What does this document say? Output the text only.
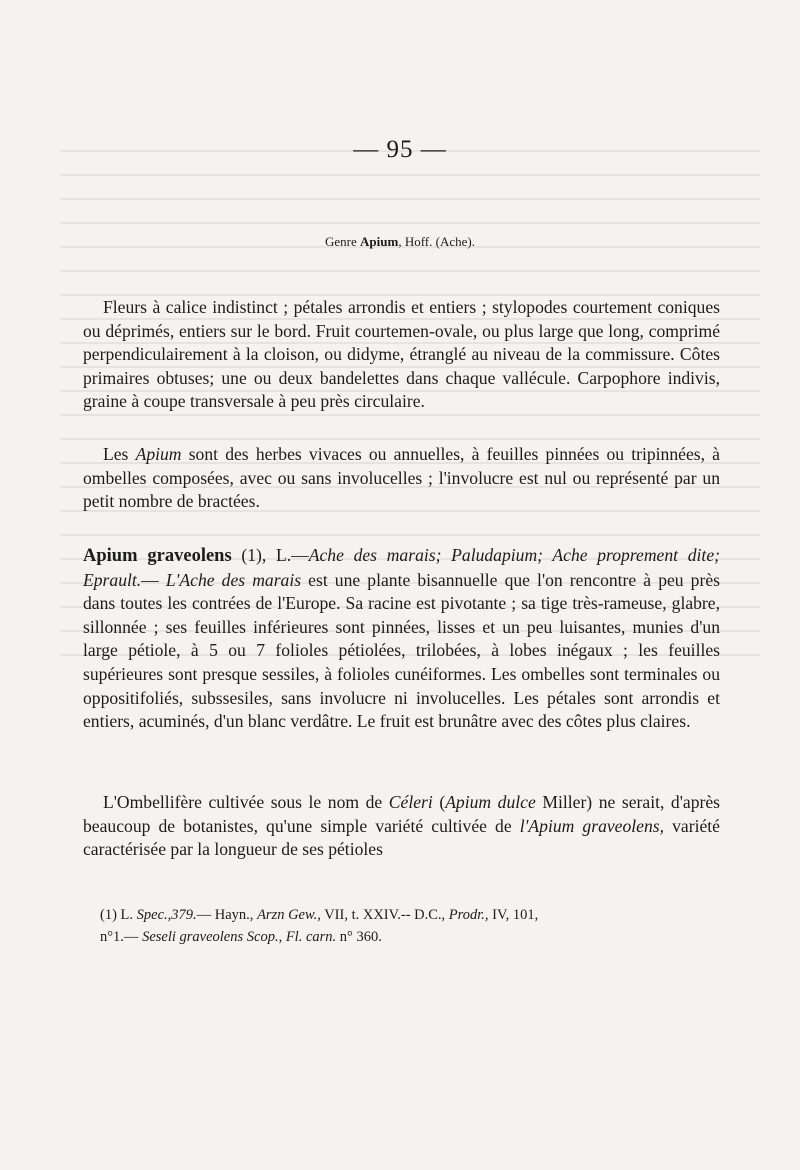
— 95 —
Genre Apium, Hoff. (Ache).
Fleurs à calice indistinct ; pétales arrondis et entiers ; stylopodes courtement coniques ou déprimés, entiers sur le bord. Fruit courtemen-ovale, ou plus large que long, comprimé perpendiculairement à la cloison, ou didyme, étranglé au niveau de la commissure. Côtes primaires obtuses; une ou deux bandelettes dans chaque vallécule. Carpophore indivis, graine à coupe transversale à peu près circulaire.
Les Apium sont des herbes vivaces ou annuelles, à feuilles pinnées ou tripinnées, à ombelles composées, avec ou sans involucelles ; l'involucre est nul ou représenté par un petit nombre de bractées.
Apium graveolens (1), L.—Ache des marais; Paludapium; Ache proprement dite; Eprault.— L'Ache des marais est une plante bisannuelle que l'on rencontre à peu près dans toutes les contrées de l'Europe. Sa racine est pivotante ; sa tige très-rameuse, glabre, sillonnée ; ses feuilles inférieures sont pinnées, lisses et un peu luisantes, munies d'un large pétiole, à 5 ou 7 folioles pétiolées, trilobées, à lobes inégaux ; les feuilles supérieures sont presque sessiles, à folioles cunéiformes. Les ombelles sont terminales ou oppositifoliés, subssesiles, sans involucre ni involucelles. Les pétales sont arrondis et entiers, acuminés, d'un blanc verdâtre. Le fruit est brunâtre avec des côtes plus claires.
L'Ombellifère cultivée sous le nom de Céleri (Apium dulce Miller) ne serait, d'après beaucoup de botanistes, qu'une simple variété cultivée de l'Apium graveolens, variété caractérisée par la longueur de ses pétioles
(1) L. Spec.,379.— Hayn., Arzn Gew., VII, t. XXIV.-- D.C., Prodr., IV, 101,
n°1.— Seseli graveolens Scop., Fl. carn. n° 360.
